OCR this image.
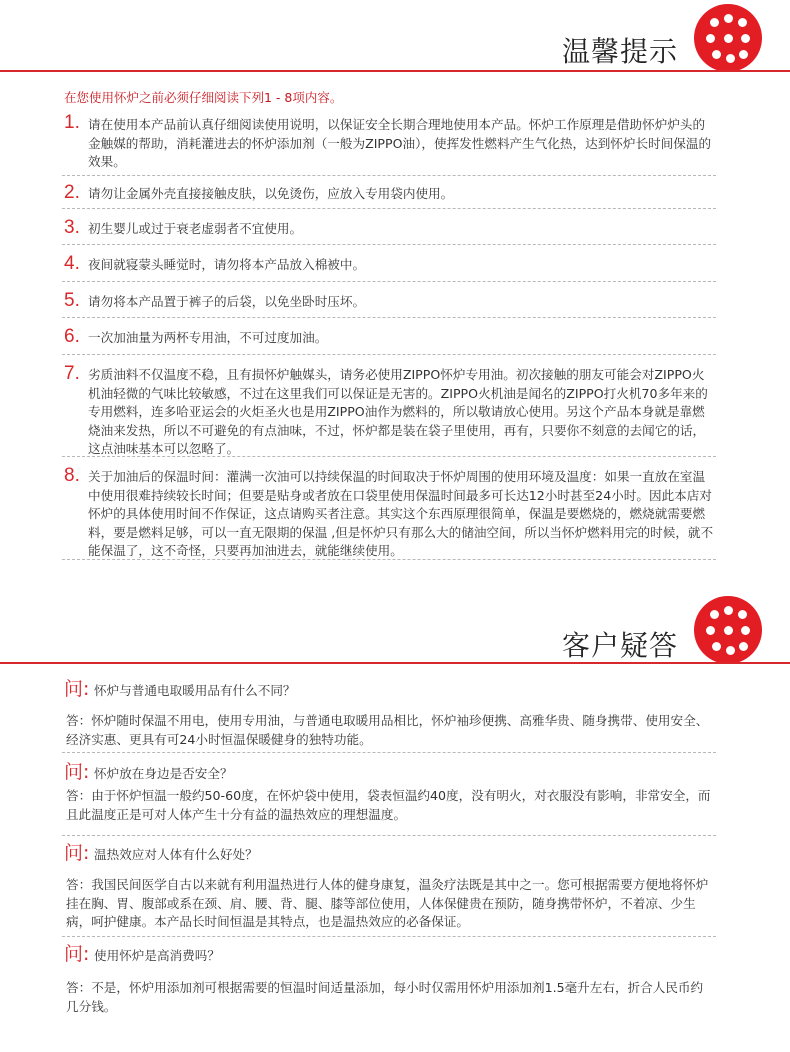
温馨提示
在您使用怀炉之前必须仔细阅读下列1 - 8项内容。
1. 请在使用本产品前认真仔细阅读使用说明，以保证安全长期合理地使用本产品。怀炉工作原理是借助怀炉炉头的金触媒的帮助，消耗灌进去的怀炉添加剂（一般为ZIPPO油），使挥发性燃料产生气化热，达到怀炉长时间保温的效果。
2. 请勿让金属外壳直接接触皮肤，以免烫伤，应放入专用袋内使用。
3. 初生婴儿或过于衰老虚弱者不宜使用。
4. 夜间就寝蒙头睡觉时，请勿将本产品放入棉被中。
5. 请勿将本产品置于裤子的后袋，以免坐卧时压坏。
6. 一次加油量为两杯专用油，不可过度加油。
7. 劣质油料不仅温度不稳，且有损怀炉触媒头，请务必使用ZIPPO怀炉专用油。初次接触的朋友可能会对ZIPPO火机油轻微的气味比较敏感，不过在这里我们可以保证是无害的。ZIPPO火机油是闻名的ZIPPO打火机70多年来的专用燃料，连多哈亚运会的火炬圣火也是用ZIPPO油作为燃料的，所以敬请放心使用。另这个产品本身就是靠燃烧油来发热，所以不可避免的有点油味，不过，怀炉都是装在袋子里使用，再有，只要你不刻意的去闻它的话，这点油味基本可以忽略了。
8. 关于加油后的保温时间：灌满一次油可以持续保温的时间取决于怀炉周围的使用环境及温度：如果一直放在室温中使用很难持续较长时间；但要是贴身或者放在口袋里使用保温时间最多可长达12小时甚至24小时。因此本店对怀炉的具体使用时间不作保证，这点请购买者注意。其实这个东西原理很简单，保温是要燃烧的，燃烧就需要燃料，要是燃料足够，可以一直无限期的保温 ,但是怀炉只有那么大的储油空间，所以当怀炉燃料用完的时候，就不能保温了，这不奇怪，只要再加油进去，就能继续使用。
客户疑答
问: 怀炉与普通电取暖用品有什么不同？
答：怀炉随时保温不用电，使用专用油，与普通电取暖用品相比，怀炉袖珍便携、高雅华贵、随身携带、使用安全、经济实惠、更具有可24小时恒温保暖健身的独特功能。
问: 怀炉放在身边是否安全？
答：由于怀炉恒温一般约50-60度，在怀炉袋中使用，袋表恒温约40度，没有明火，对衣服没有影响，非常安全，而且此温度正是可对人体产生十分有益的温热效应的理想温度。
问: 温热效应对人体有什么好处？
答：我国民间医学自古以来就有利用温热进行人体的健身康复，温灸疗法既是其中之一。您可根据需要方便地将怀炉挂在胸、胃、腹部或系在颈、肩、腰、背、腿、膝等部位使用，人体保健贵在预防，随身携带怀炉，不着凉、少生病，呵护健康。本产品长时间恒温是其特点，也是温热效应的必备保证。
问: 使用怀炉是高消费吗？
答：不是，怀炉用添加剂可根据需要的恒温时间适量添加，每小时仅需用怀炉用添加剂1.5毫升左右，折合人民币约几分钱。
